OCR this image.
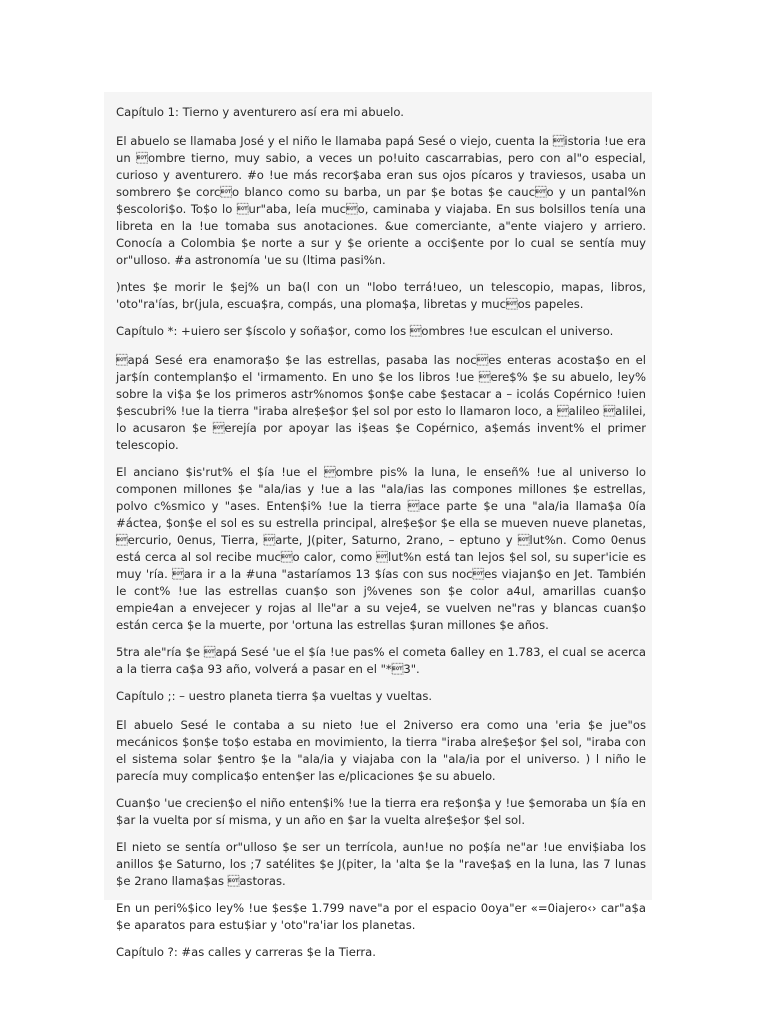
Capítulo 1: Tierno y aventurero así era mi abuelo.

El abuelo se llamaba José y el niño le llamaba papá Sesé o viejo, cuenta la istoria !ue era un ombre tierno, muy sabio, a veces un po!uito cascarrabias, pero con al"o especial, curioso y aventurero. #o !ue más recor$aba eran sus ojos pícaros y traviesos, usaba un sombrero $e corco blanco como su barba, un par $e botas $e cauco y un pantal%n $escolori$o. To$o lo ur"aba, leía muco, caminaba y viajaba. En sus bolsillos tenía una libreta en la !ue tomaba sus anotaciones. &ue comerciante, a"ente viajero y arriero. Conocía a Colombia $e norte a sur y $e oriente a occi$ente por lo cual se sentía muy or"ulloso. #a astronomía 'ue su (ltima pasi%n.

)ntes $e morir le $ej% un ba(l con un "lobo terrá!ueo, un telescopio, mapas, libros, 'oto"ra'ías, br(jula, escua$ra, compás, una ploma$a, libretas y mucos papeles.

Capítulo *: +uiero ser $íscolo y soña$or, como los ombres !ue esculcan el universo.

apá Sesé era enamora$o $e las estrellas, pasaba las noces enteras acosta$o en el jar$ín contemplan$o el 'irmamento. En uno $e los libros !ue ere$% $e su abuelo, ley% sobre la vi$a $e los primeros astr%nomos $on$e cabe $estacar a – icolás Copérnico !uien $escubri% !ue la tierra "iraba alre$e$or $el sol por esto lo llamaron loco, a alileo alilei, lo acusaron $e erejía por apoyar las i$eas $e Copérnico, a$emás invent% el primer telescopio.

El anciano $is'rut% el $ía !ue el ombre pis% la luna, le enseñ% !ue al universo lo componen millones $e "ala/ias y !ue a las "ala/ias las compones millones $e estrellas, polvo c%smico y "ases. Enten$i% !ue la tierra ace parte $e una "ala/ia llama$a 0ía #áctea, $on$e el sol es su estrella principal, alre$e$or $e ella se mueven nueve planetas, ercurio, 0enus, Tierra, arte, J(piter, Saturno, 2rano, – eptuno y lut%n. Como 0enus está cerca al sol recibe muco calor, como lut%n está tan lejos $el sol, su super'icie es muy 'ría. ara ir a la #una "astaríamos 13 $ías con sus noces viajan$o en Jet. También le cont% !ue las estrellas cuan$o son j%venes son $e color a4ul, amarillas cuan$o empie4an a envejecer y rojas al lle"ar a su veje4, se vuelven ne"ras y blancas cuan$o están cerca $e la muerte, por 'ortuna las estrellas $uran millones $e años.

5tra ale"ría $e apá Sesé 'ue el $ía !ue pas% el cometa 6alley en 1.783, el cual se acerca a la tierra ca$a 93 año, volverá a pasar en el "*3".

Capítulo ;: – uestro planeta tierra $a vueltas y vueltas.

El abuelo Sesé le contaba a su nieto !ue el 2niverso era como una 'eria $e jue"os mecánicos $on$e to$o estaba en movimiento, la tierra "iraba alre$e$or $el sol, "iraba con el sistema solar $entro $e la "ala/ia y viajaba con la "ala/ia por el universo. ) l niño le parecía muy complica$o enten$er las e/plicaciones $e su abuelo.

Cuan$o 'ue crecien$o el niño enten$i% !ue la tierra era re$on$a y !ue $emoraba un $ía en $ar la vuelta por sí misma, y un año en $ar la vuelta alre$e$or $el sol.

El nieto se sentía or"ulloso $e ser un terrícola, aun!ue no po$ía ne"ar !ue envi$iaba los anillos $e Saturno, los ;7 satélites $e J(piter, la 'alta $e la "rave$a$ en la luna, las 7 lunas $e 2rano llama$as astoras.

En un peri%$ico ley% !ue $es$e 1.799 nave"a por el espacio 0oya"er «=0iajero‹› car"a$a $e aparatos para estu$iar y 'oto"ra'iar los planetas.

Capítulo ?: #as calles y carreras $e la Tierra.
